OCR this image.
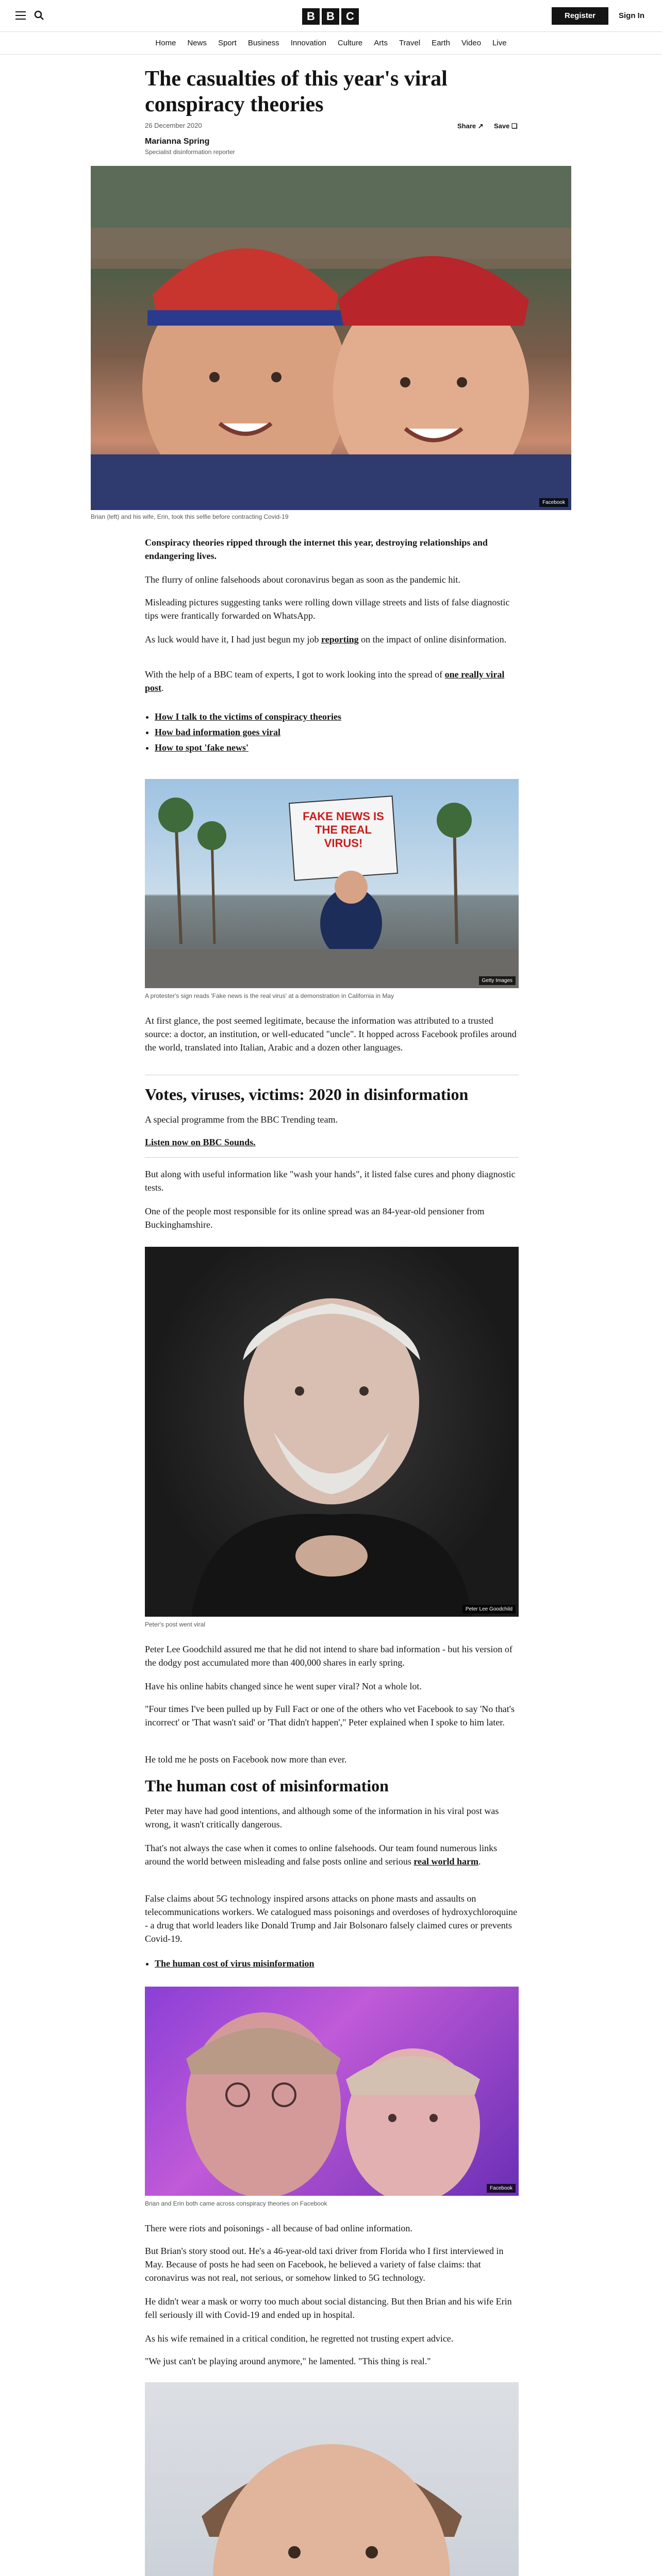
B	B	C	Register	Sign In
Home News Sport Business Innovation Culture Arts Travel Earth Video Live
The casualties of this year's viral conspiracy theories
26 December 2020	Share ↗ Save ❏
Marianna Spring
Specialist disinformation reporter
Facebook
Brian (left) and his wife, Erin, took this selfie before contracting Covid-19

Conspiracy theories ripped through the internet this year, destroying relationships and endangering lives.

The flurry of online falsehoods about coronavirus began as soon as the pandemic hit.

Misleading pictures suggesting tanks were rolling down village streets and lists of false diagnostic tips were frantically forwarded on WhatsApp.

As luck would have it, I had just begun my job reporting on the impact of online disinformation.

With the help of a BBC team of experts, I got to work looking into the spread of one really viral post.

• How I talk to the victims of conspiracy theories
• How bad information goes viral
• How to spot 'fake news'
FAKE NEWS IS THE REAL VIRUS!
Getty Images
A protester's sign reads 'Fake news is the real virus' at a demonstration in California in May

At first glance, the post seemed legitimate, because the information was attributed to a trusted source: a doctor, an institution, or well-educated "uncle". It hopped across Facebook profiles around the world, translated into Italian, Arabic and a dozen other languages.

Votes, viruses, victims: 2020 in disinformation

A special programme from the BBC Trending team.

Listen now on BBC Sounds.

But along with useful information like "wash your hands", it listed false cures and phony diagnostic tests.

One of the people most responsible for its online spread was an 84-year-old pensioner from Buckinghamshire.

Peter Lee Goodchild
Peter's post went viral

Peter Lee Goodchild assured me that he did not intend to share bad information - but his version of the dodgy post accumulated more than 400,000 shares in early spring.

Have his online habits changed since he went super viral? Not a whole lot.

"Four times I've been pulled up by Full Fact or one of the others who vet Facebook to say 'No that's incorrect' or 'That wasn't said' or 'That didn't happen'," Peter explained when I spoke to him later.

He told me he posts on Facebook now more than ever.

The human cost of misinformation

Peter may have had good intentions, and although some of the information in his viral post was wrong, it wasn't critically dangerous.

That's not always the case when it comes to online falsehoods. Our team found numerous links around the world between misleading and false posts online and serious real world harm.

False claims about 5G technology inspired arsons attacks on phone masts and assaults on telecommunications workers. We catalogued mass poisonings and overdoses of hydroxychloroquine - a drug that world leaders like Donald Trump and Jair Bolsonaro falsely claimed cures or prevents Covid-19.

• The human cost of virus misinformation
Facebook
Brian and Erin both came across conspiracy theories on Facebook

There were riots and poisonings - all because of bad online information.

But Brian's story stood out. He's a 46-year-old taxi driver from Florida who I first interviewed in May. Because of posts he had seen on Facebook, he believed a variety of false claims: that coronavirus was not real, not serious, or somehow linked to 5G technology.

He didn't wear a mask or worry too much about social distancing. But then Brian and his wife Erin fell seriously ill with Covid-19 and ended up in hospital.

As his wife remained in a critical condition, he regretted not trusting expert advice.

"We just can't be playing around anymore," he lamented. "This thing is real."
